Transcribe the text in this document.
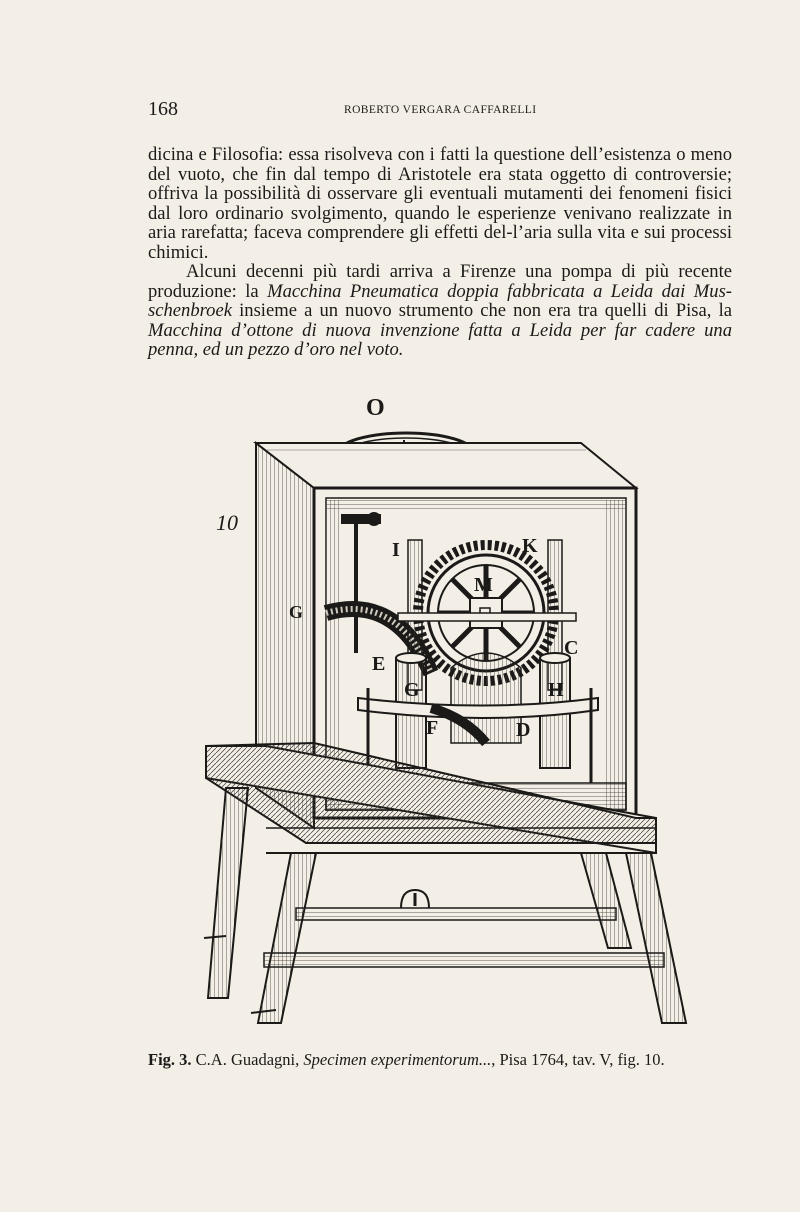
168	ROBERTO VERGARA CAFFARELLI

dicina e Filosofia: essa risolveva con i fatti la questione dell’esistenza o meno del vuoto, che fin dal tempo di Aristotele era stata oggetto di controversie; offriva la possibilità di osservare gli eventuali mutamenti dei fenomeni fisici dal loro ordinario svolgimento, quando le esperienze venivano realizzate in aria rarefatta; faceva comprendere gli effetti del-l’aria sulla vita e sui processi chimici.

Alcuni decenni più tardi arriva a Firenze una pompa di più recente produzione: la Macchina Pneumatica doppia fabbricata a Leida dai Mus-schenbroek insieme a un nuovo strumento che non era tra quelli di Pisa, la Macchina d’ottone di nuova invenzione fatta a Leida per far cadere una penna, ed un pezzo d’oro nel voto.

O
10
G
I	K
M
E
C
G	H
F	D
Fig. 3. C.A. Guadagni, Specimen experimentorum..., Pisa 1764, tav. V, fig. 10.
